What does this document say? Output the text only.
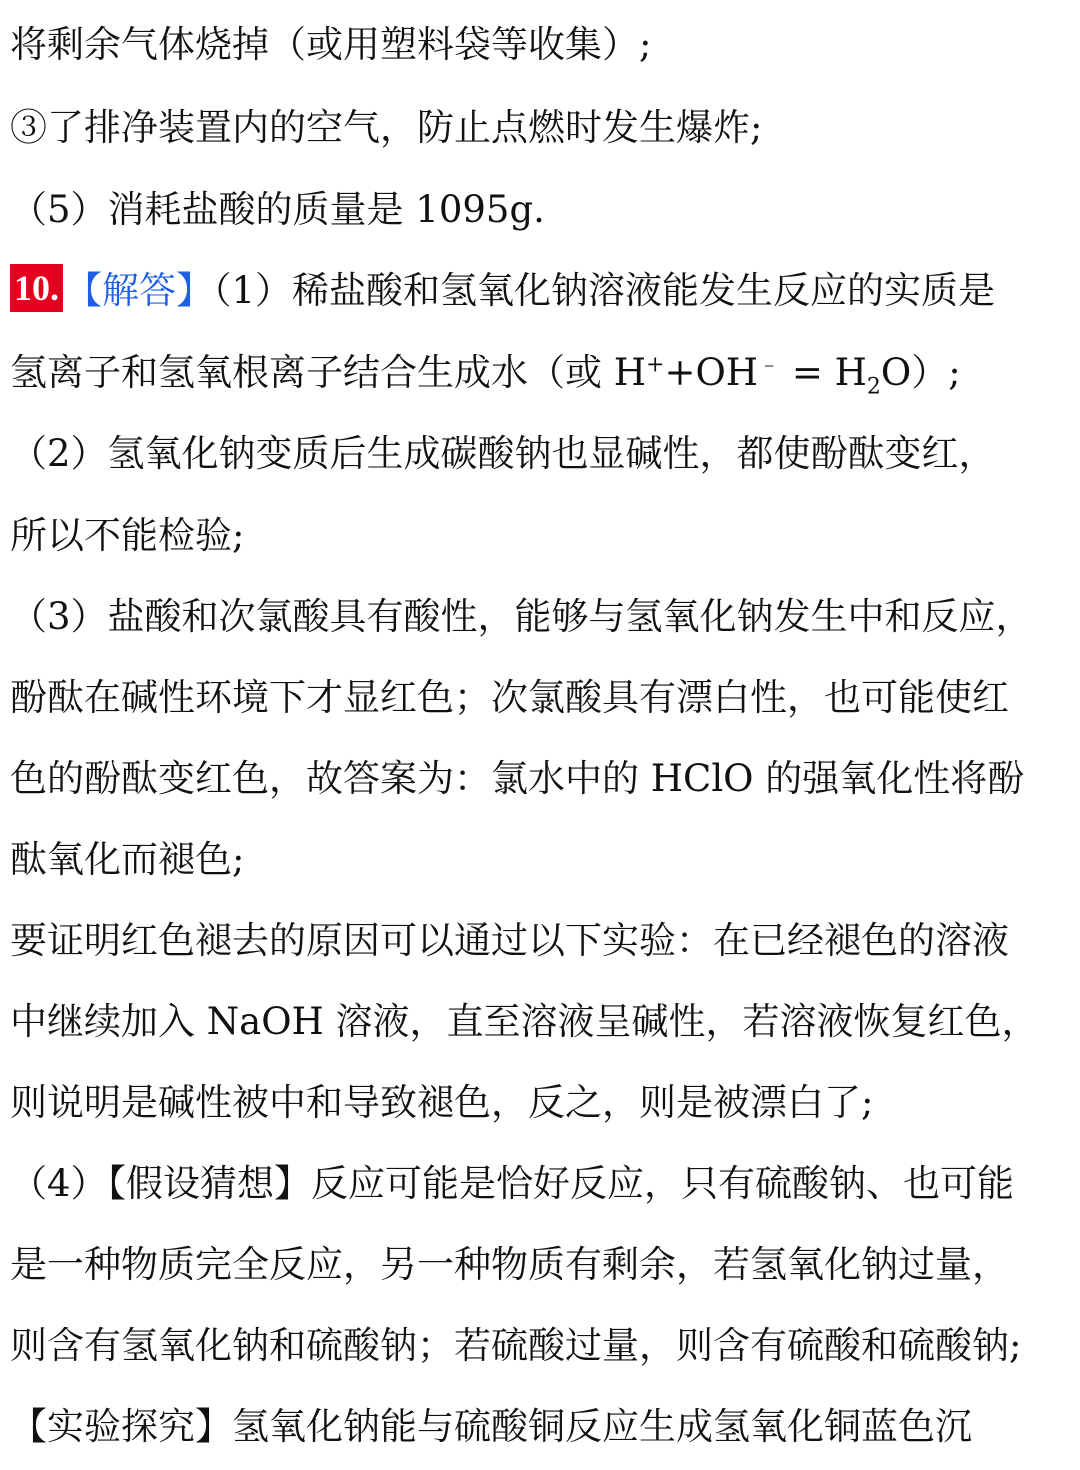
将剩余气体烧掉（或用塑料袋等收集）;
③了排净装置内的空气，防止点燃时发生爆炸;
（5）消耗盐酸的质量是 1095g.
10. 【解答】（1）稀盐酸和氢氧化钠溶液能发生反应的实质是
氢离子和氢氧根离子结合生成水（或 $H^++OH^﹣ = H_2O$）;
（2）氢氧化钠变质后生成碳酸钠也显碱性，都使酚酞变红，
所以不能检验;
（3）盐酸和次氯酸具有酸性，能够与氢氧化钠发生中和反应，
酚酞在碱性环境下才显红色；次氯酸具有漂白性，也可能使红
色的酚酞变红色，故答案为：氯水中的 HClO 的强氧化性将酚
酞氧化而褪色;
要证明红色褪去的原因可以通过以下实验：在已经褪色的溶液
中继续加入 NaOH 溶液，直至溶液呈碱性，若溶液恢复红色，
则说明是碱性被中和导致褪色，反之，则是被漂白了;
（4）【假设猜想】反应可能是恰好反应，只有硫酸钠、也可能
是一种物质完全反应，另一种物质有剩余，若氢氧化钠过量，
则含有氢氧化钠和硫酸钠；若硫酸过量，则含有硫酸和硫酸钠;
【实验探究】氢氧化钠能与硫酸铜反应生成氢氧化铜蓝色沉
